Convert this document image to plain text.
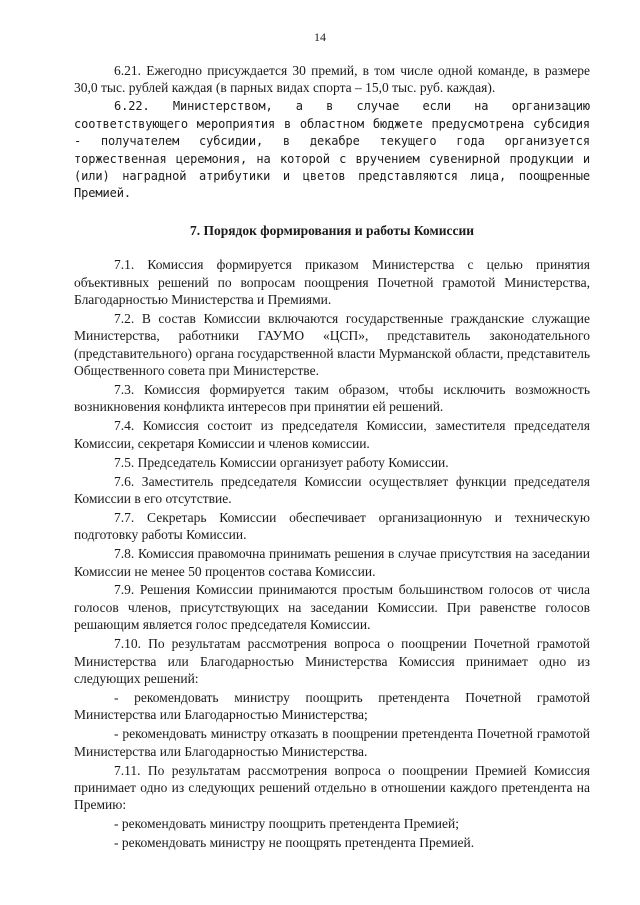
14

6.21. Ежегодно присуждается 30 премий, в том числе одной команде, в размере 30,0 тыс. рублей каждая (в парных видах спорта – 15,0 тыс. руб. каждая).

6.22. Министерством, а в случае если на организацию соответствующего мероприятия в областном бюджете предусмотрена субсидия - получателем субсидии, в декабре текущего года организуется торжественная церемония, на которой с вручением сувенирной продукции и (или) наградной атрибутики и цветов представляются лица, поощренные Премией.

7. Порядок формирования и работы Комиссии

7.1. Комиссия формируется приказом Министерства с целью принятия объективных решений по вопросам поощрения Почетной грамотой Министерства, Благодарностью Министерства и Премиями.

7.2. В состав Комиссии включаются государственные гражданские служащие Министерства, работники ГАУМО «ЦСП», представитель законодательного (представительного) органа государственной власти Мурманской области, представитель Общественного совета при Министерстве.

7.3. Комиссия формируется таким образом, чтобы исключить возможность возникновения конфликта интересов при принятии ей решений.

7.4. Комиссия состоит из председателя Комиссии, заместителя председателя Комиссии, секретаря Комиссии и членов комиссии.

7.5. Председатель Комиссии организует работу Комиссии.

7.6. Заместитель председателя Комиссии осуществляет функции председателя Комиссии в его отсутствие.

7.7. Секретарь Комиссии обеспечивает организационную и техническую подготовку работы Комиссии.

7.8. Комиссия правомочна принимать решения в случае присутствия на заседании Комиссии не менее 50 процентов состава Комиссии.

7.9. Решения Комиссии принимаются простым большинством голосов от числа голосов членов, присутствующих на заседании Комиссии. При равенстве голосов решающим является голос председателя Комиссии.

7.10. По результатам рассмотрения вопроса о поощрении Почетной грамотой Министерства или Благодарностью Министерства Комиссия принимает одно из следующих решений:

- рекомендовать министру поощрить претендента Почетной грамотой Министерства или Благодарностью Министерства;

- рекомендовать министру отказать в поощрении претендента Почетной грамотой Министерства или Благодарностью Министерства.

7.11. По результатам рассмотрения вопроса о поощрении Премией Комиссия принимает одно из следующих решений отдельно в отношении каждого претендента на Премию:

- рекомендовать министру поощрить претендента Премией;

- рекомендовать министру не поощрять претендента Премией.
